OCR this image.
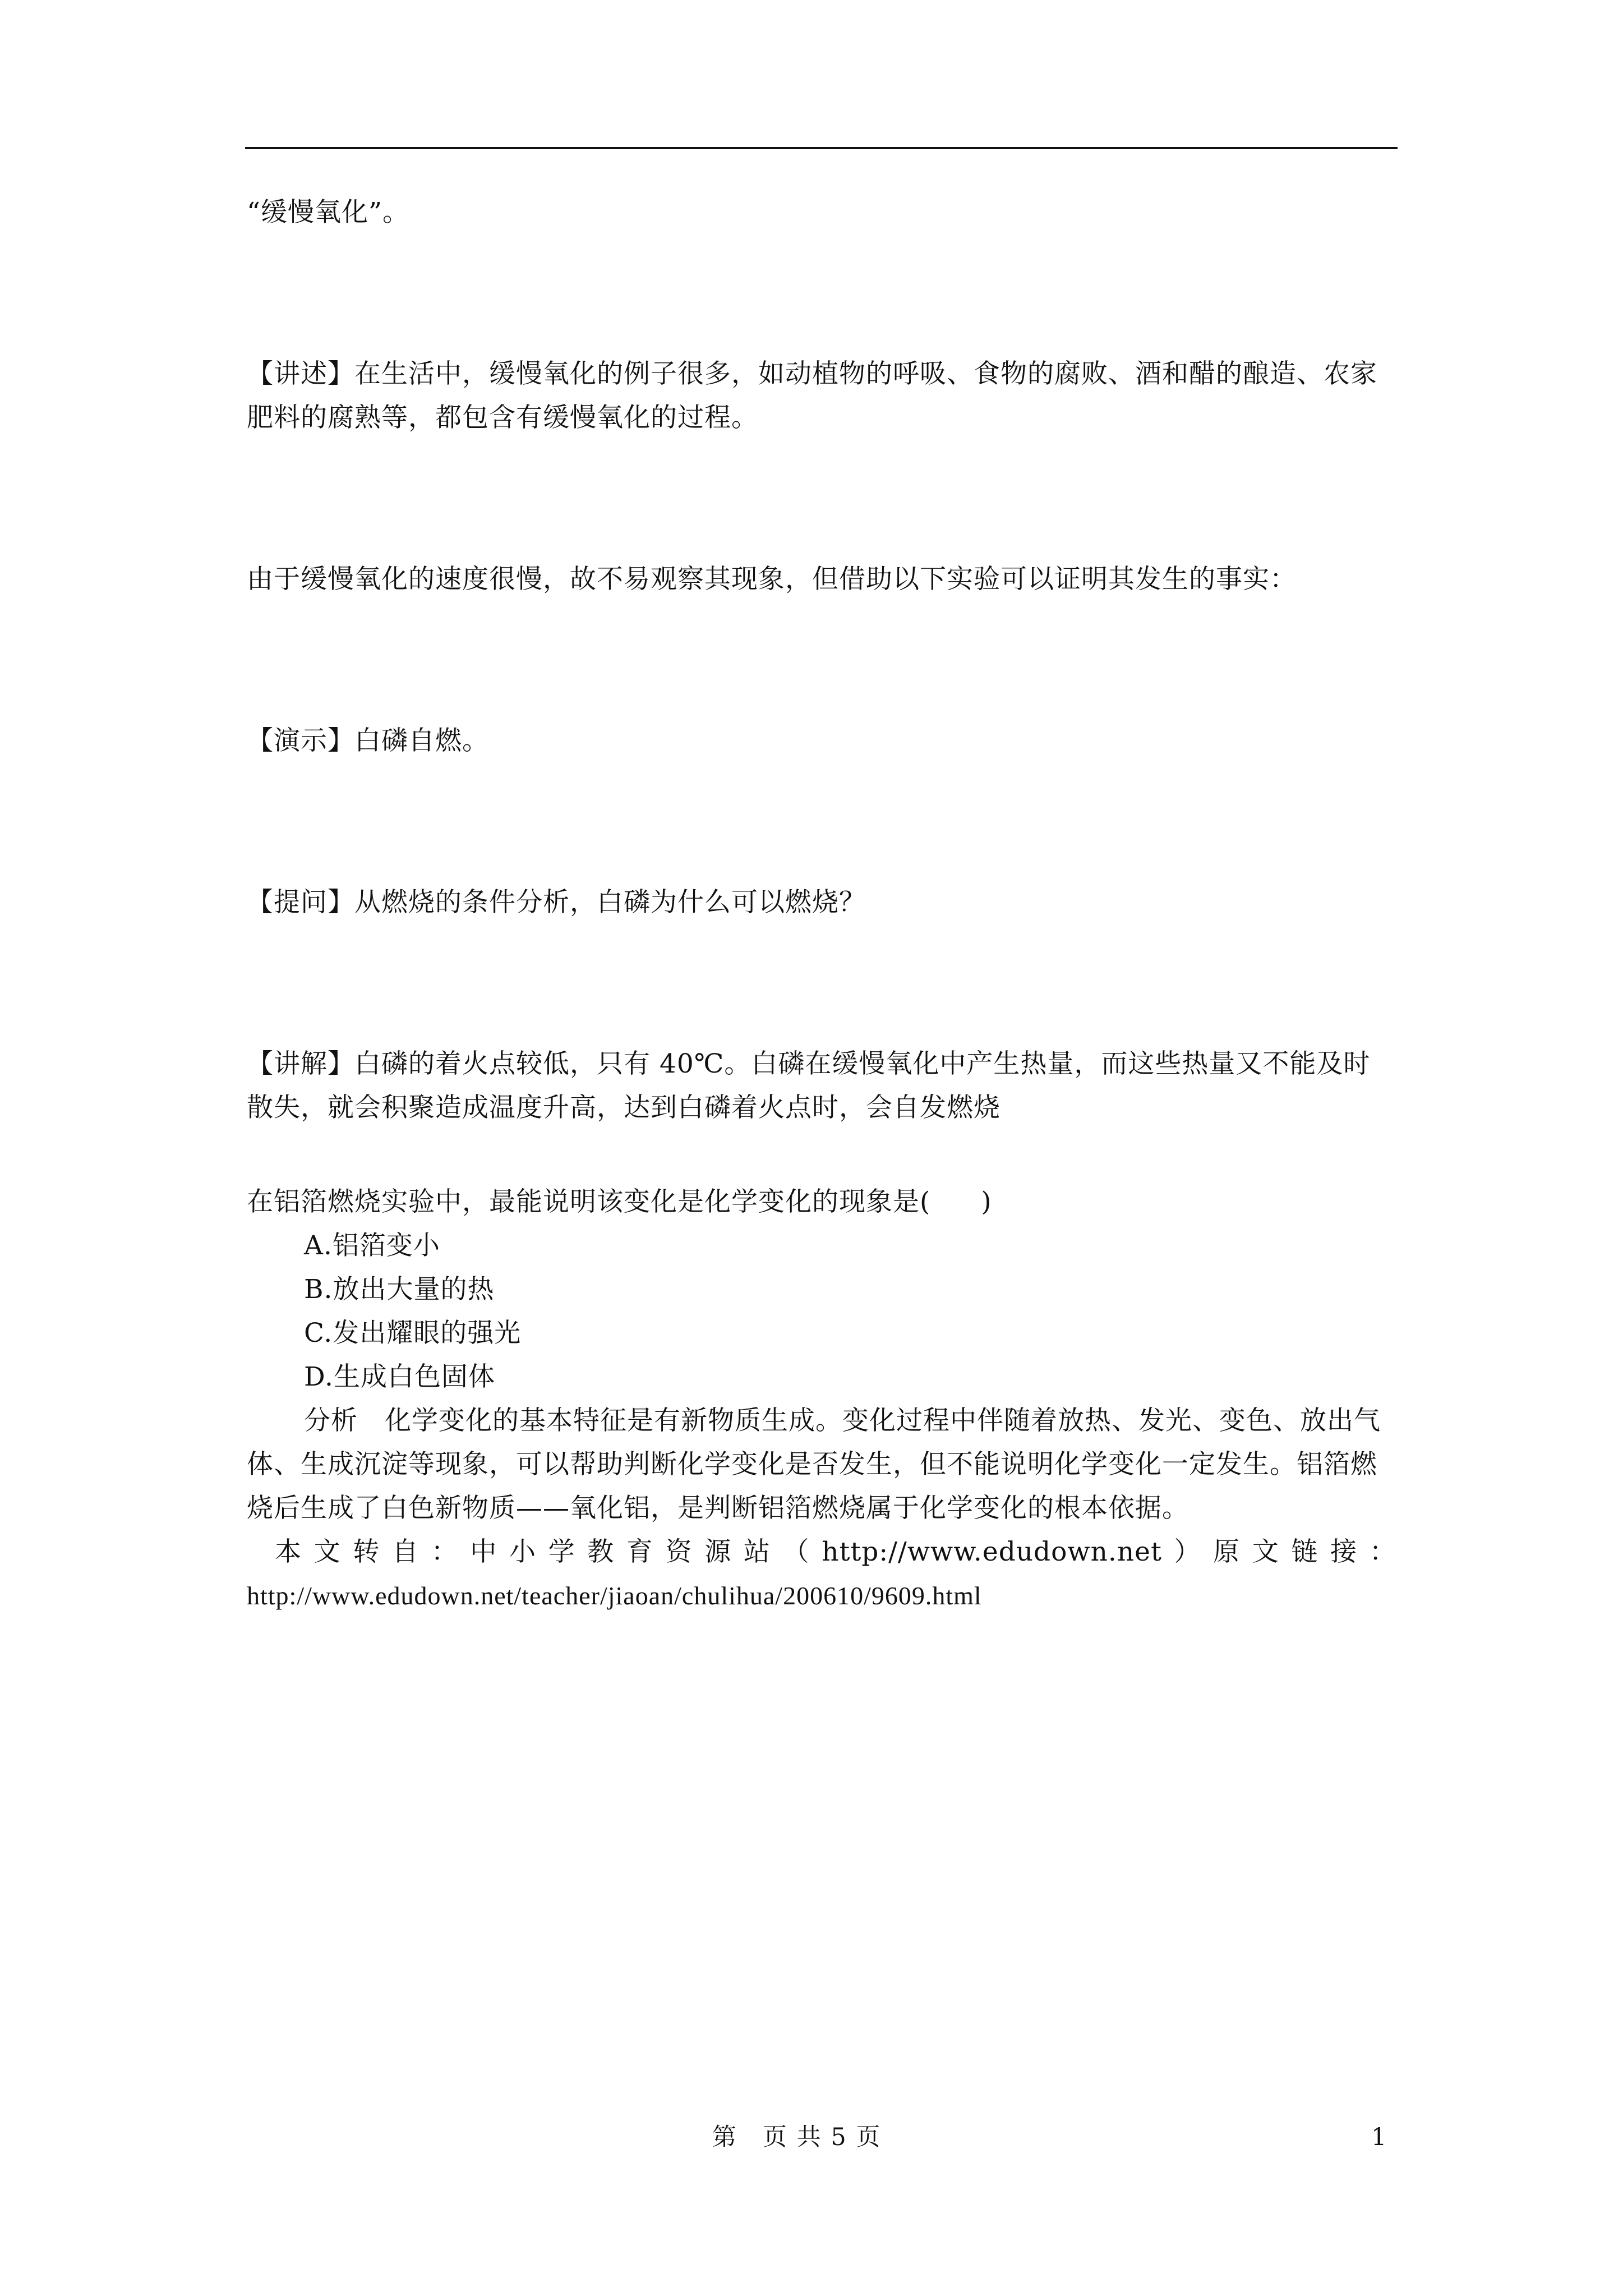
“缓慢氧化”。

【讲述】在生活中，缓慢氧化的例子很多，如动植物的呼吸、食物的腐败、酒和醋的酿造、农家肥料的腐熟等，都包含有缓慢氧化的过程。

由于缓慢氧化的速度很慢，故不易观察其现象，但借助以下实验可以证明其发生的事实：

【演示】白磷自燃。

【提问】从燃烧的条件分析，白磷为什么可以燃烧？

【讲解】白磷的着火点较低，只有 40℃。白磷在缓慢氧化中产生热量，而这些热量又不能及时散失，就会积聚造成温度升高，达到白磷着火点时，会自发燃烧

在铝箔燃烧实验中，最能说明该变化是化学变化的现象是( )

A.铝箔变小

B.放出大量的热

C.发出耀眼的强光

D.生成白色固体

分析　化学变化的基本特征是有新物质生成。变化过程中伴随着放热、发光、变色、放出气体、生成沉淀等现象，可以帮助判断化学变化是否发生，但不能说明化学变化一定发生。铝箔燃烧后生成了白色新物质——氧化铝，是判断铝箔燃烧属于化学变化的根本依据。

本 文 转 自 ： 中 小 学 教 育 资 源 站 （ http://www.edudown.net ） 原 文 链 接 ：

http://www.edudown.net/teacher/jiaoan/chulihua/200610/9609.html

第　页 共 5 页	1
